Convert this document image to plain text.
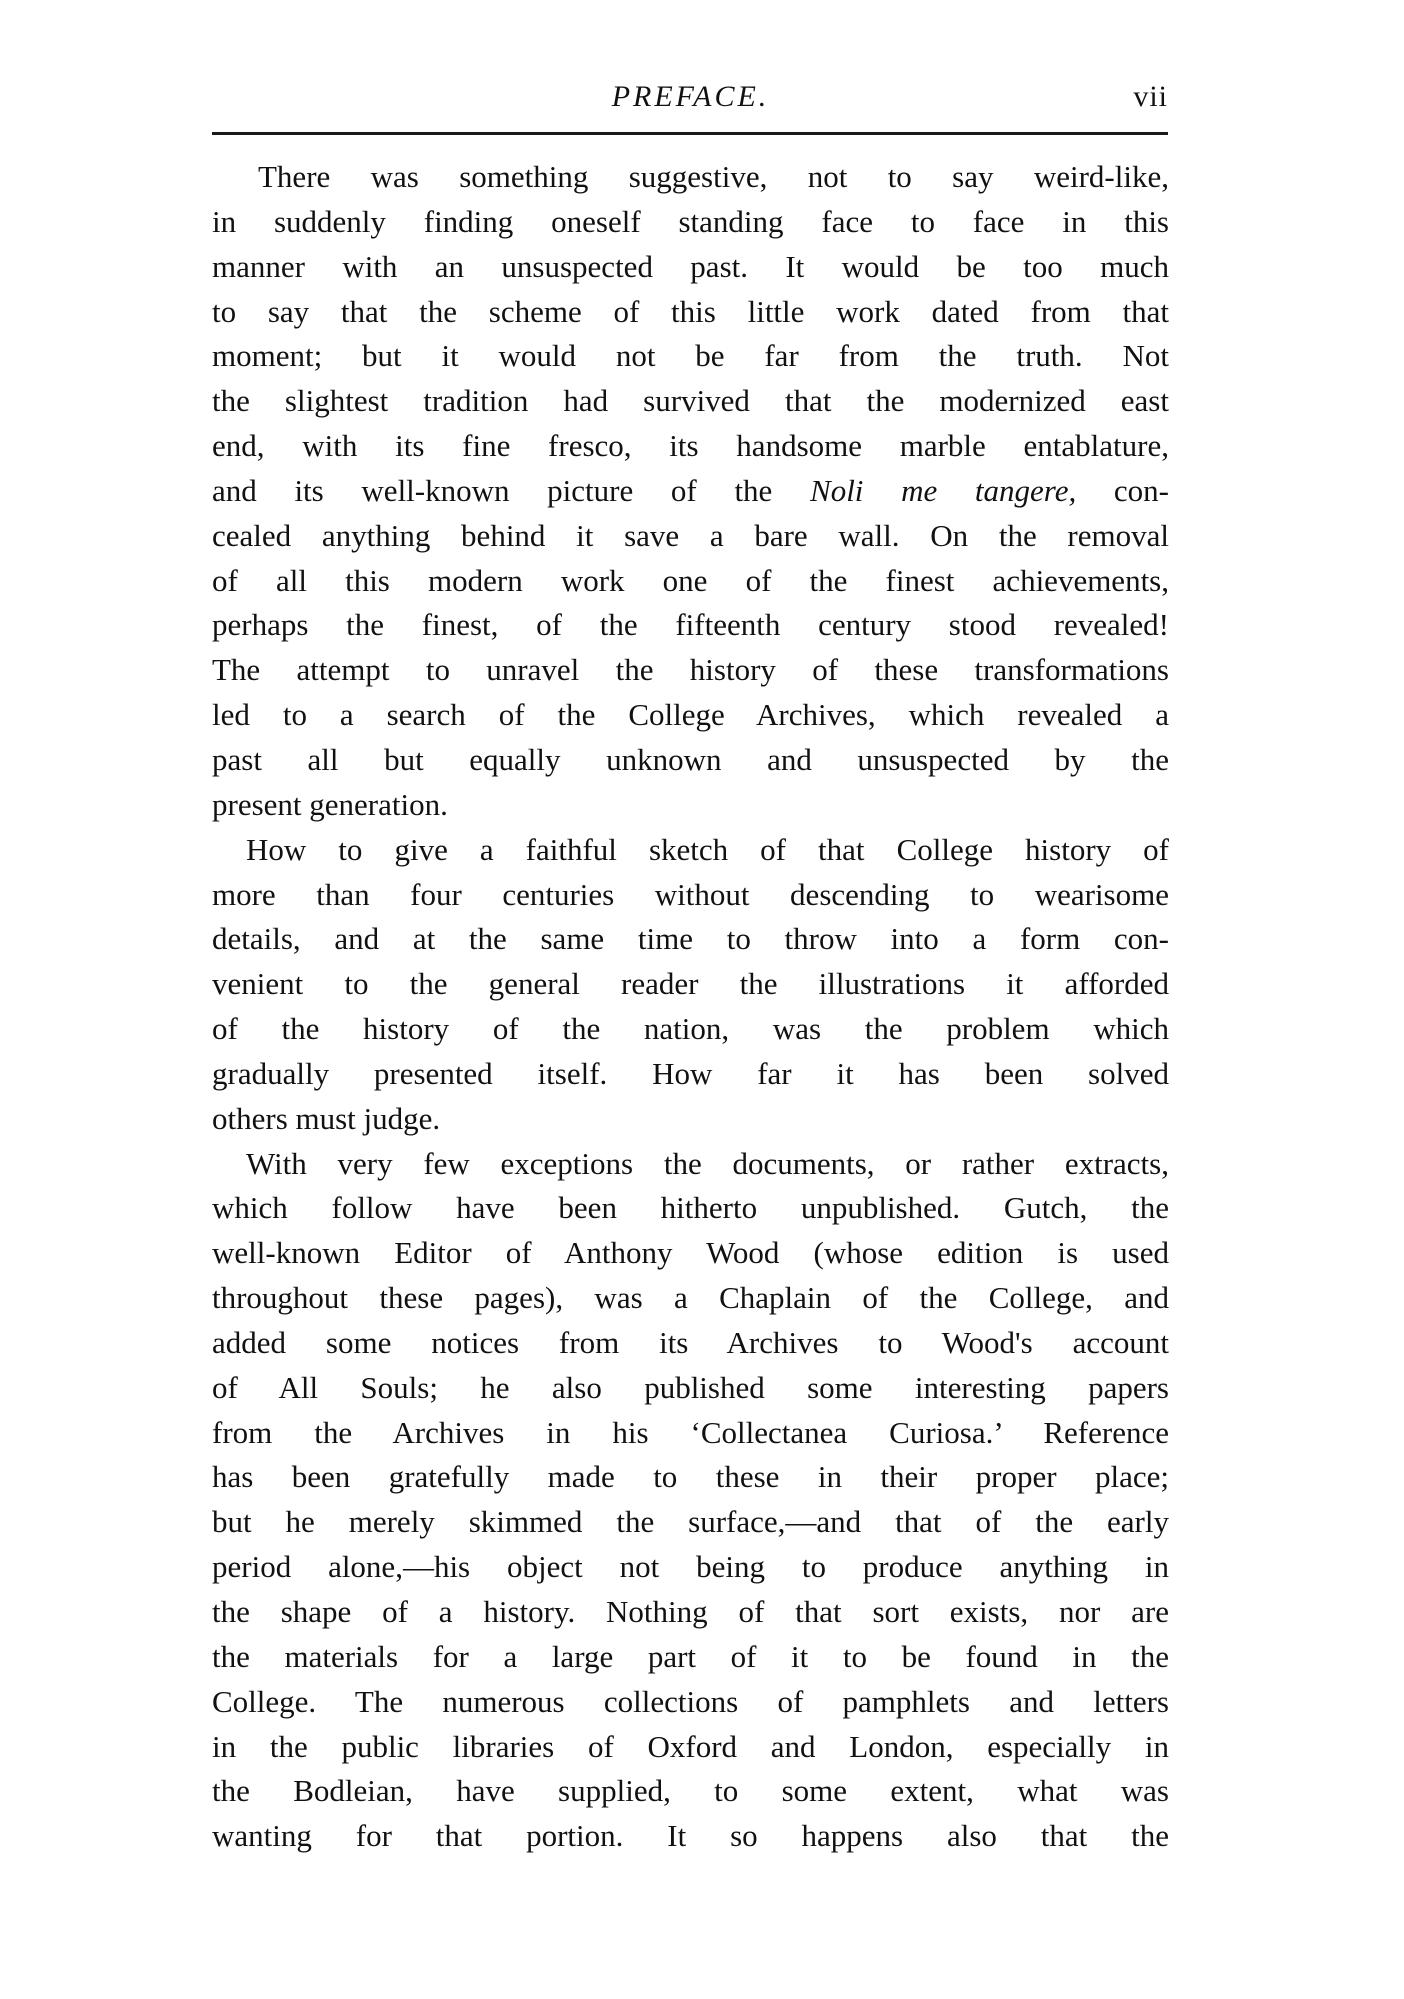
PREFACE.	vii
There was something suggestive, not to say weird-like,
in suddenly finding oneself standing face to face in this
manner with an unsuspected past. It would be too much
to say that the scheme of this little work dated from that
moment; but it would not be far from the truth. Not
the slightest tradition had survived that the modernized east
end, with its fine fresco, its handsome marble entablature,
and its well-known picture of the Noli me tangere, con-
cealed anything behind it save a bare wall. On the removal
of all this modern work one of the finest achievements,
perhaps the finest, of the fifteenth century stood revealed!
The attempt to unravel the history of these transformations
led to a search of the College Archives, which revealed a
past all but equally unknown and unsuspected by the
present generation.
How to give a faithful sketch of that College history of
more than four centuries without descending to wearisome
details, and at the same time to throw into a form con-
venient to the general reader the illustrations it afforded
of the history of the nation, was the problem which
gradually presented itself. How far it has been solved
others must judge.
With very few exceptions the documents, or rather extracts,
which follow have been hitherto unpublished. Gutch, the
well-known Editor of Anthony Wood (whose edition is used
throughout these pages), was a Chaplain of the College, and
added some notices from its Archives to Wood's account
of All Souls; he also published some interesting papers
from the Archives in his ‘Collectanea Curiosa.’ Reference
has been gratefully made to these in their proper place;
but he merely skimmed the surface,—and that of the early
period alone,—his object not being to produce anything in
the shape of a history. Nothing of that sort exists, nor are
the materials for a large part of it to be found in the
College. The numerous collections of pamphlets and letters
in the public libraries of Oxford and London, especially in
the Bodleian, have supplied, to some extent, what was
wanting for that portion. It so happens also that the
